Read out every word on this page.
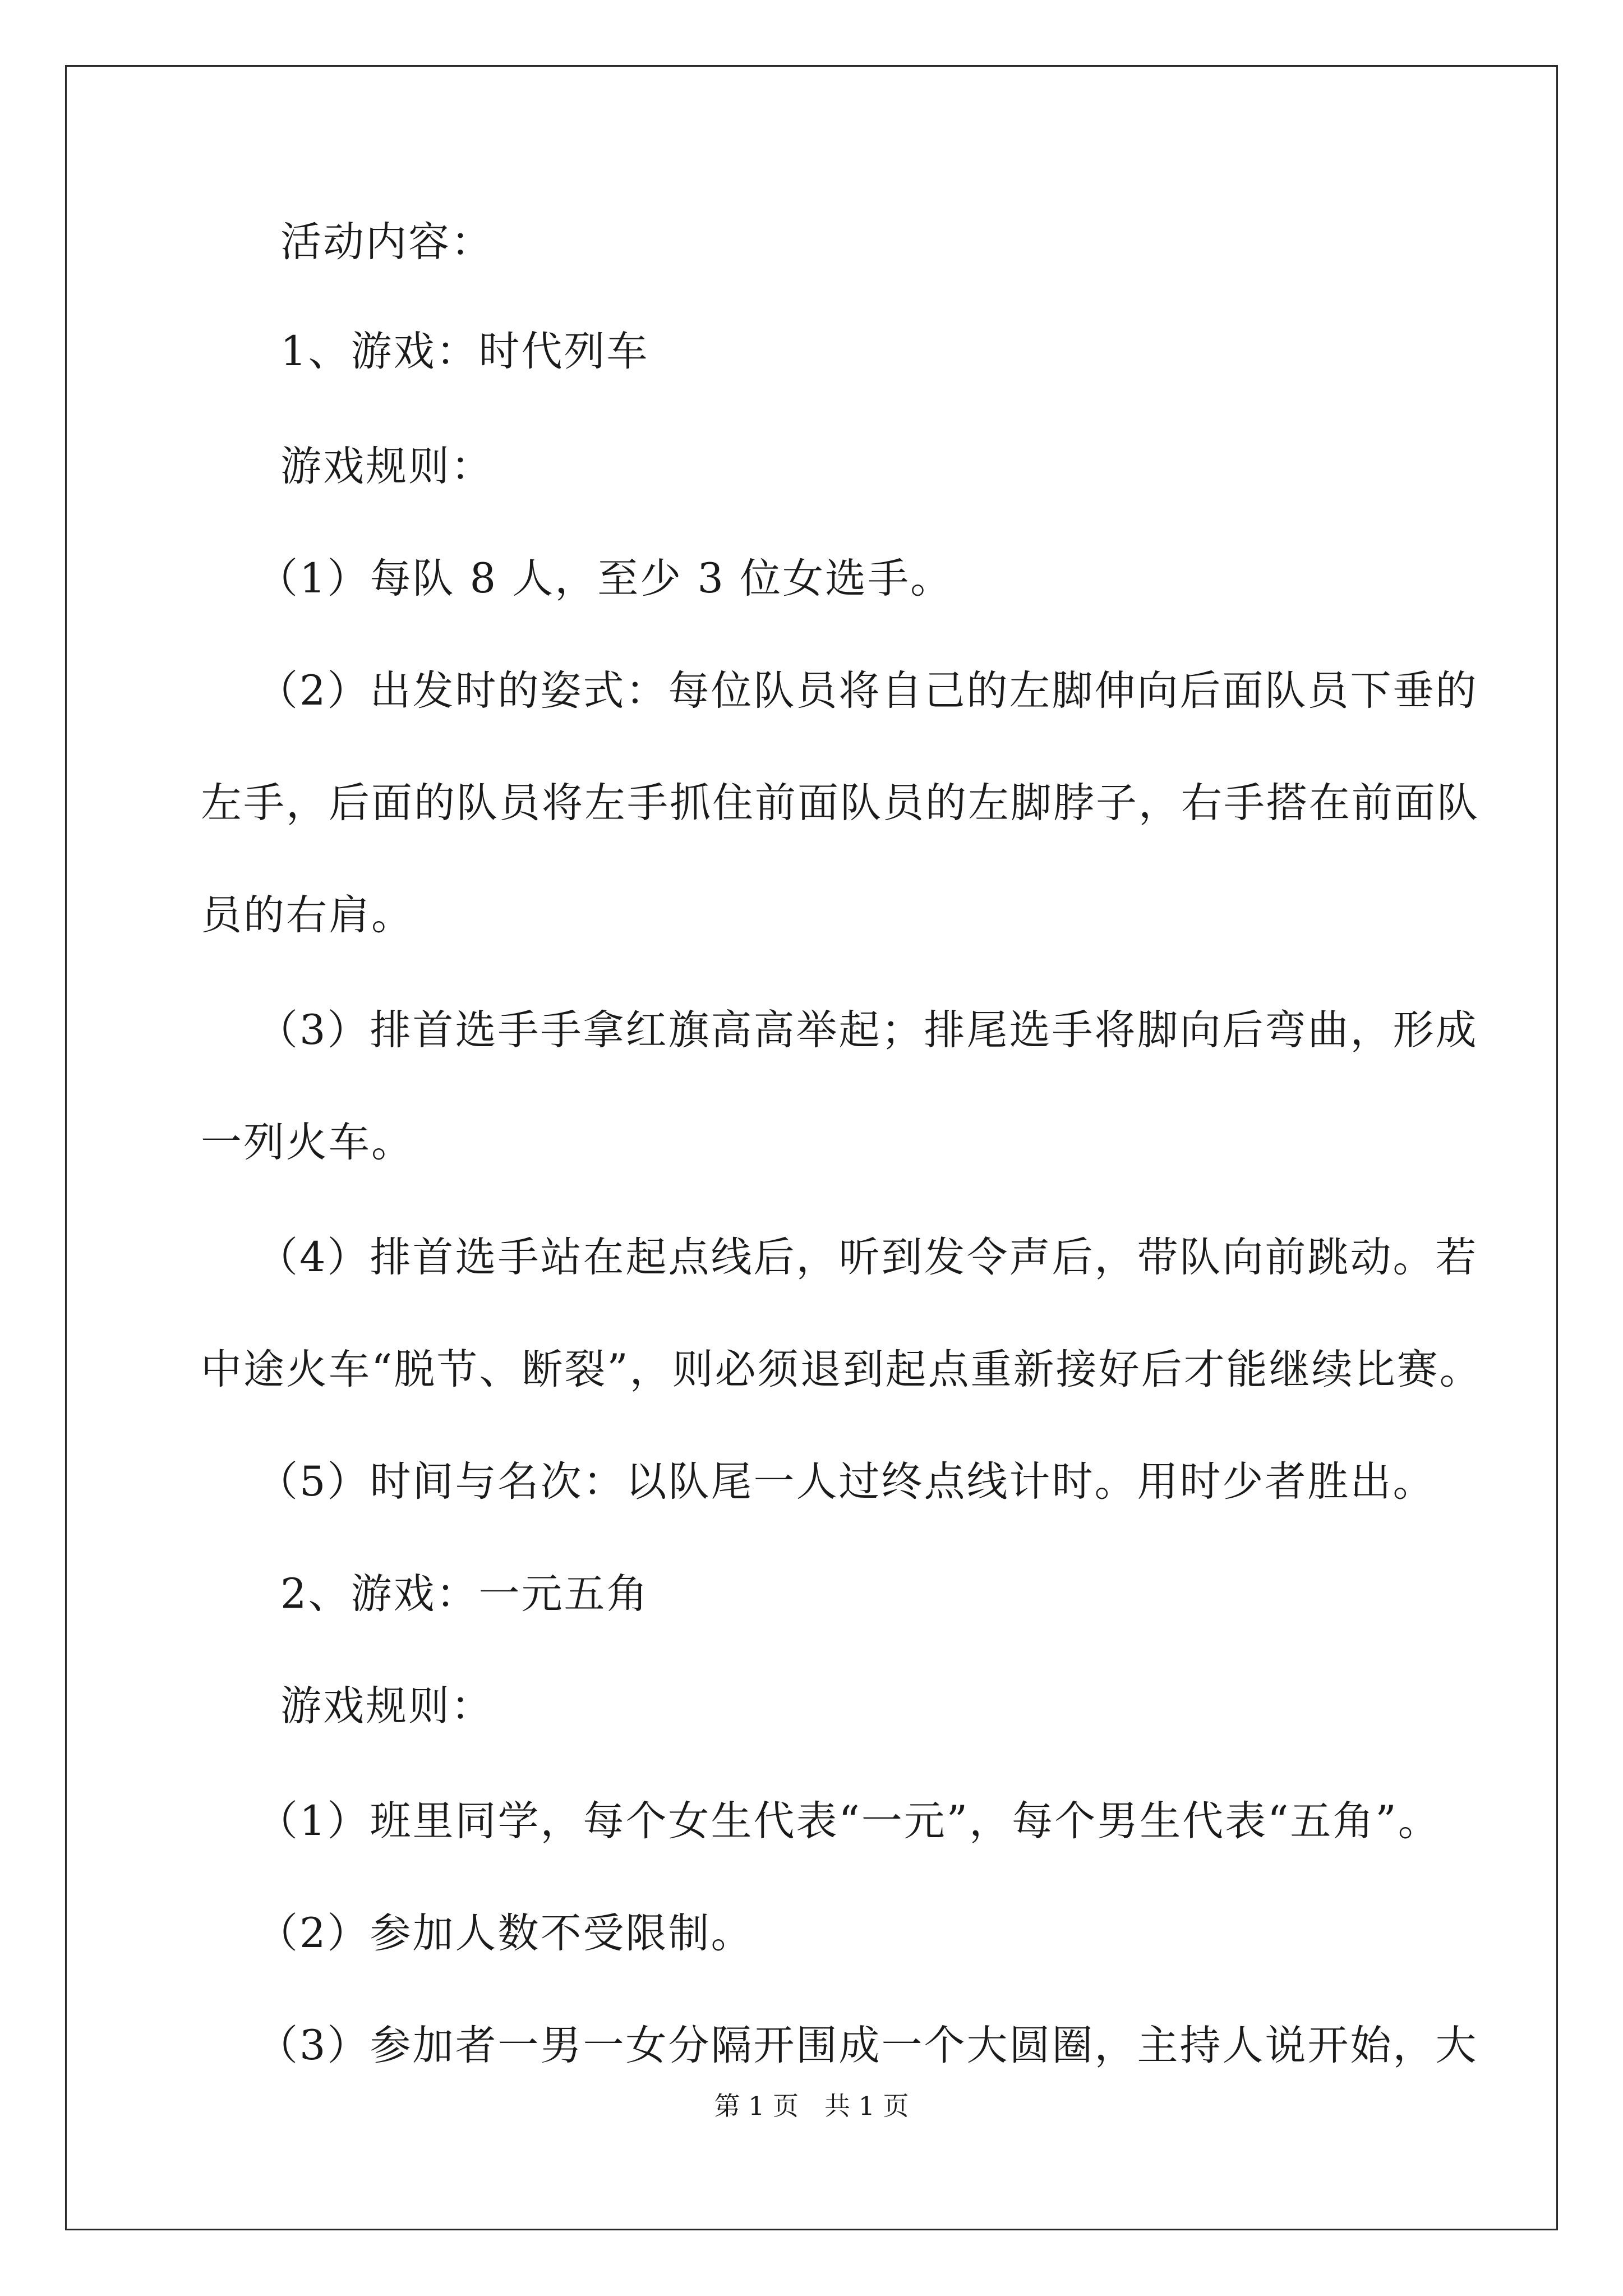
活动内容：
1、游戏：时代列车
游戏规则：
（1）每队 8 人，至少 3 位女选手。
（2）出发时的姿式：每位队员将自己的左脚伸向后面队员下垂的
左手，后面的队员将左手抓住前面队员的左脚脖子，右手搭在前面队
员的右肩。
（3）排首选手手拿红旗高高举起；排尾选手将脚向后弯曲，形成
一列火车。
（4）排首选手站在起点线后，听到发令声后，带队向前跳动。若
中途火车“脱节、断裂”，则必须退到起点重新接好后才能继续比赛。
（5）时间与名次：以队尾一人过终点线计时。用时少者胜出。
2、游戏：一元五角
游戏规则：
（1）班里同学，每个女生代表“一元”，每个男生代表“五角”。
（2）参加人数不受限制。
（3）参加者一男一女分隔开围成一个大圆圈，主持人说开始，大
第 1 页　共 1 页
